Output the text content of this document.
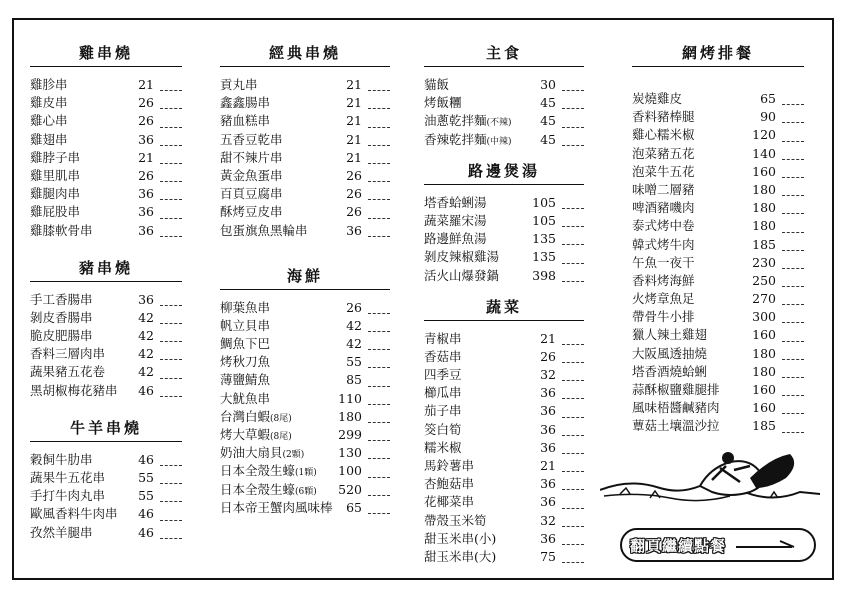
雞串燒
雞胗串	21
雞皮串	26
雞心串	26
雞翅串	36
雞脖子串	21
雞里肌串	26
雞腿肉串	36
雞屁股串	36
雞膝軟骨串	36
豬串燒
手工香腸串	36
剝皮香腸串	42
脆皮肥腸串	42
香料三層肉串	42
蔬果豬五花卷	42
黑胡椒梅花豬串	46
牛羊串燒
穀飼牛肋串	46
蔬果牛五花串	55
手打牛肉丸串	55
歐風香料牛肉串	46
孜然羊腿串	46
經典串燒
貢丸串	21
鑫鑫腸串	21
豬血糕串	21
五香豆乾串	21
甜不辣片串	21
黃金魚蛋串	26
百頁豆腐串	26
酥烤豆皮串	26
包蛋旗魚黑輪串	36
海鮮
柳葉魚串	26
帆立貝串	42
鯛魚下巴	42
烤秋刀魚	55
薄鹽鯖魚	85
大魷魚串	110
台灣白蝦 (8尾)	180
烤大草蝦 (8尾)	299
奶油大扇貝 (2顆)	130
日本全殼生蠔 (1顆)	100
日本全殼生蠔 (6顆)	520
日本帝王蟹肉風味棒	65
主食
貓飯	30
烤飯糰	45
油蔥乾拌麵 (不辣)	45
香辣乾拌麵 (中辣)	45
路邊煲湯
塔香蛤蜊湯	105
蔬菜羅宋湯	105
路邊鮮魚湯	135
剝皮辣椒雞湯	135
活火山爆發鍋	398
蔬菜
青椒串	21
香菇串	26
四季豆	32
櫛瓜串	36
茄子串	36
筊白筍	36
糯米椒	36
馬鈴薯串	21
杏鮑菇串	36
花椰菜串	36
帶殼玉米筍	32
甜玉米串(小)	36
甜玉米串(大)	75
網烤排餐
炭燒雞皮	65
香料豬棒腿	90
雞心糯米椒	120
泡菜豬五花	140
泡菜牛五花	160
味噌二層豬	180
啤酒豬嘰肉	180
泰式烤中卷	180
韓式烤牛肉	185
午魚一夜干	230
香料烤海鮮	250
火烤章魚足	270
帶骨牛小排	300
獵人辣土雞翅	160
大阪風透抽燒	180
塔香酒燒蛤蜊	180
蒜酥椒鹽雞腿排	160
風味梧醬鹹豬肉	160
蕈菇土壤溫沙拉	185
翻頁繼續點餐
